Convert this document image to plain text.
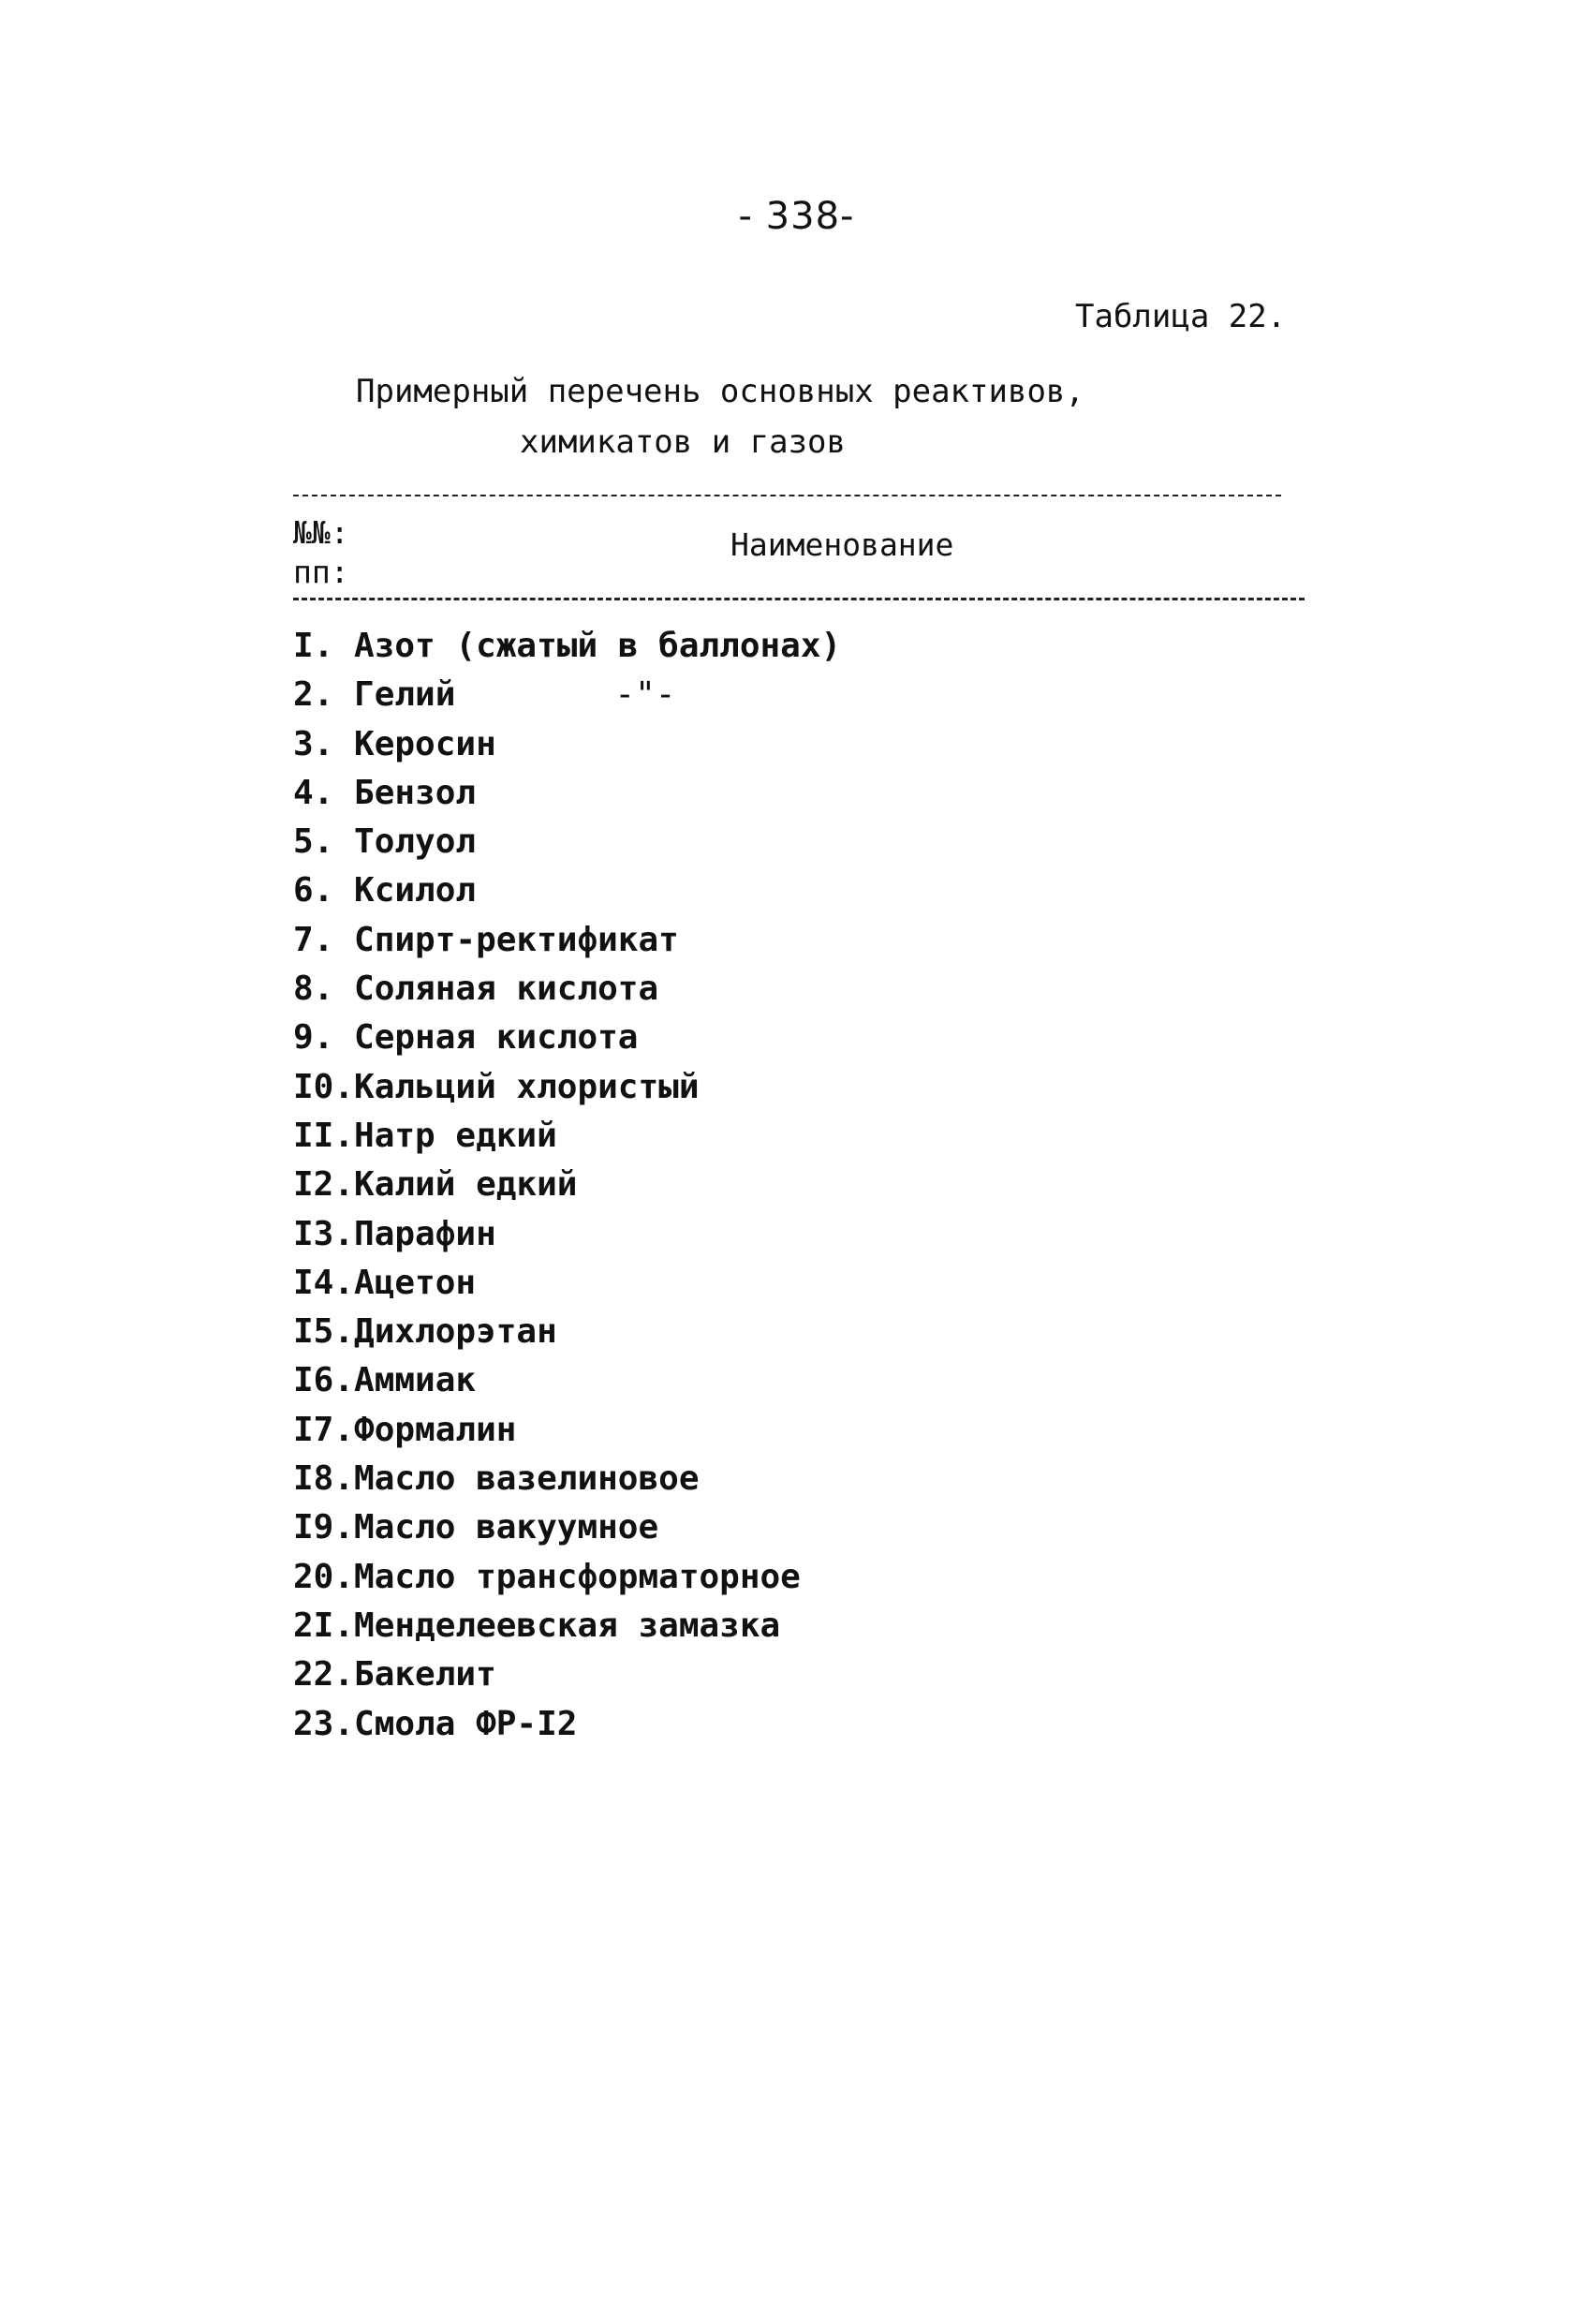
- 338-
Таблица 22.
Примерный перечень основных реактивов,
химикатов и газов
№№:
пп:
Наименование
I. Азот (сжатый в баллонах)
2. Гелий	-"-
3. Керосин
4. Бензол
5. Толуол
6. Ксилол
7. Спирт-ректификат
8. Соляная кислота
9. Серная кислота
I0.Кальций хлористый
II.Натр едкий
I2.Калий едкий
I3.Парафин
I4.Ацетон
I5.Дихлорэтан
I6.Аммиак
I7.Формалин
I8.Масло вазелиновое
I9.Масло вакуумное
20.Масло трансформаторное
2I.Менделеевская замазка
22.Бакелит
23.Смола ФР-I2
